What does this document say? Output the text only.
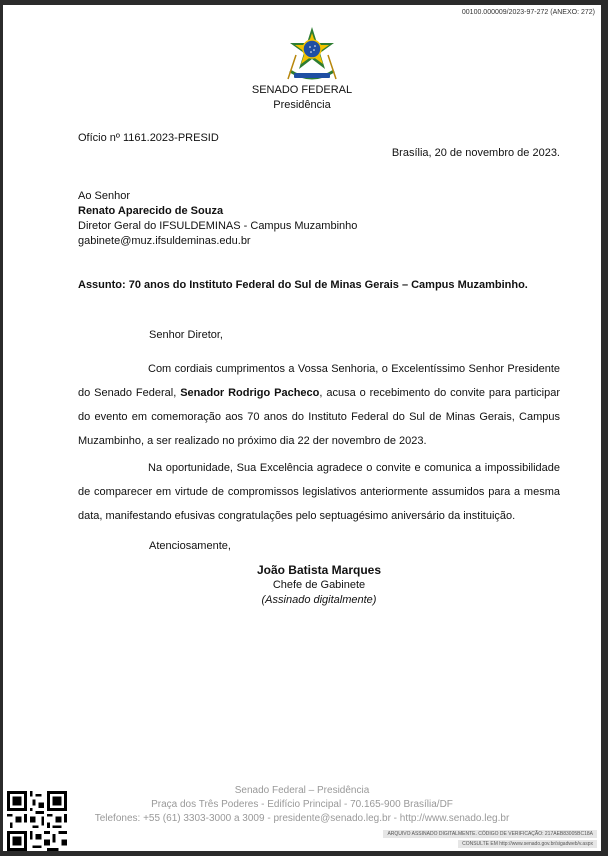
00100.000009/2023-97-272 (ANEXO: 272)
SENADO FEDERAL
Presidência
Ofício nº 1161.2023-PRESID
Brasília, 20 de novembro de 2023.
Ao Senhor
Renato Aparecido de Souza
Diretor Geral do IFSULDEMINAS - Campus Muzambinho
gabinete@muz.ifsuldeminas.edu.br
Assunto: 70 anos do Instituto Federal do Sul de Minas Gerais – Campus Muzambinho.
Senhor Diretor,

Com cordiais cumprimentos a Vossa Senhoria, o Excelentíssimo Senhor Presidente do Senado Federal, Senador Rodrigo Pacheco, acusa o recebimento do convite para participar do evento em comemoração aos 70 anos do Instituto Federal do Sul de Minas Gerais, Campus Muzambinho, a ser realizado no próximo dia 22 der novembro de 2023.

Na oportunidade, Sua Excelência agradece o convite e comunica a impossibilidade de comparecer em virtude de compromissos legislativos anteriormente assumidos para a mesma data, manifestando efusivas congratulações pelo septuagésimo aniversário da instituição.

Atenciosamente,
João Batista Marques
Chefe de Gabinete
(Assinado digitalmente)
Senado Federal – Presidência
Praça dos Três Poderes - Edifício Principal - 70.165-900 Brasília/DF
Telefones: +55 (61) 3303-3000 a 3009 - presidente@senado.leg.br - http://www.senado.leg.br
ARQUIVO ASSINADO DIGITALMENTE. CÓDIGO DE VERIFICAÇÃO: 217AEB83005BC18A
CONSULTE EM http://www.senado.gov.br/sigadweb/v.aspx
